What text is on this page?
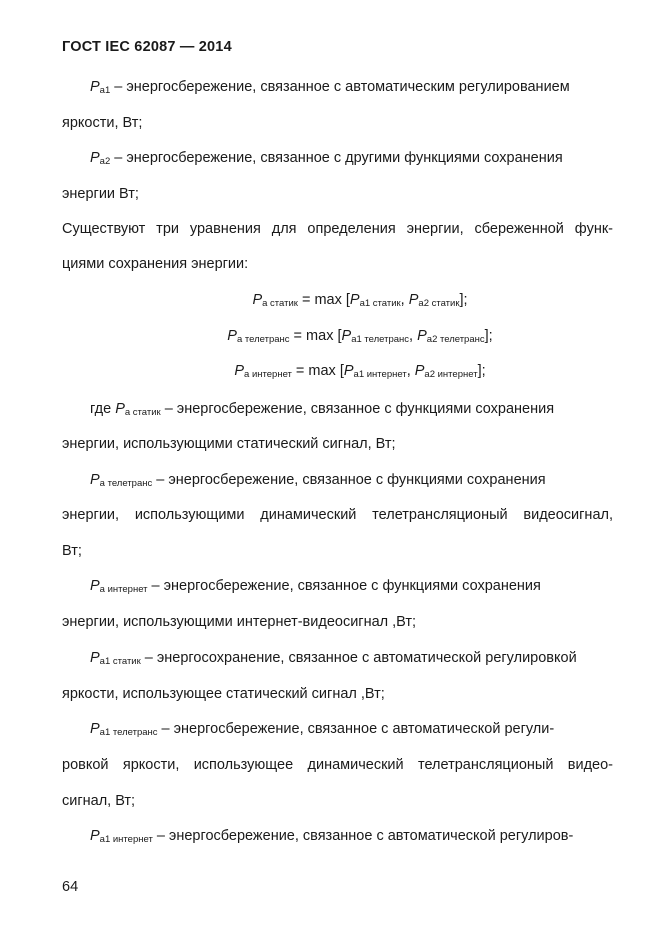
ГОСТ IEC 62087 — 2014
$P_{а1}$ – энергосбережение, связанное с автоматическим регулированием
яркости, Вт;
$P_{а2}$ – энергосбережение, связанное с другими функциями сохранения
энергии Вт;
Существуют три уравнения для определения энергии, сбереженной функ-
циями сохранения энергии:
$P_{а статик} = \max [P_{а1 статик}$, $P_{а2 статик}$];
$P_{а телетранс} = \max [P_{а1 телетранс}$, $P_{а2 телетранс}$];
$P_{а интернет} = \max [P_{а1 интернет}$, $P_{а2 интернет}$];
где $P_{а статик}$ – энергосбережение, связанное с функциями сохранения
энергии, использующими статический сигнал, Вт;
$P_{а телетранс}$ – энергосбережение, связанное с функциями сохранения
энергии, использующими динамический телетрансляционый видеосигнал,
Вт;
$P_{а интернет}$ – энергосбережение, связанное с функциями сохранения
энергии, использующими интернет-видеосигнал ,Вт;
$P_{а1 статик}$ – энергосохранение, связанное с автоматической регулировкой
яркости, использующее статический сигнал ,Вт;
$P_{а1 телетранс}$ – энергосбережение, связанное с автоматической регули-
ровкой яркости, использующее динамический телетрансляционый видео-
сигнал, Вт;
$P_{а1 интернет}$ – энергосбережение, связанное с автоматической регулиров-
64
